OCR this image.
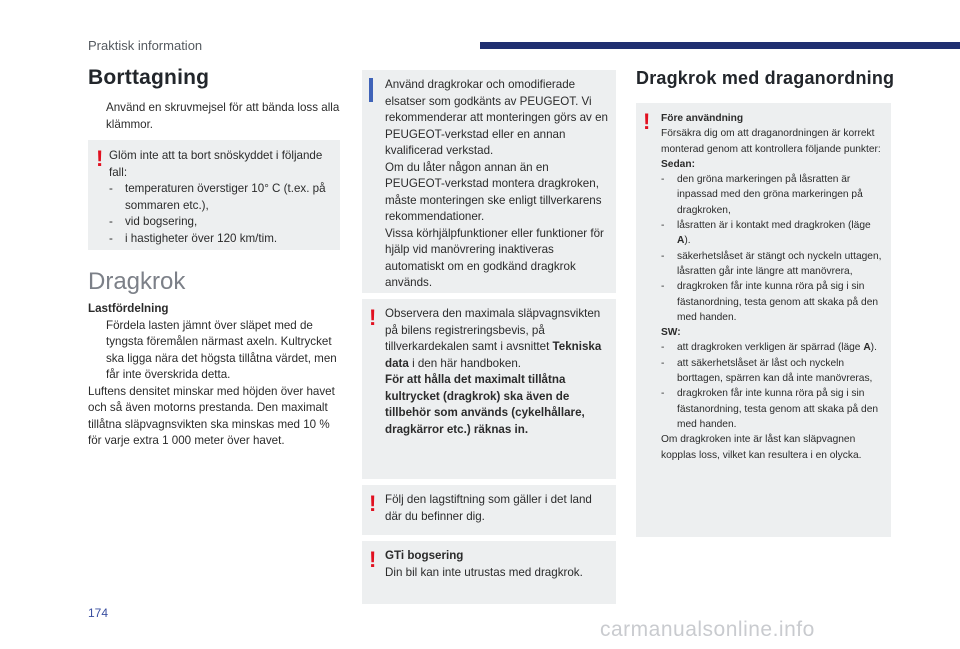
Praktisk information
Borttagning

Använd en skruvmejsel för att bända loss alla klämmor.

! Glöm inte att ta bort snöskyddet i följande fall:

-	temperaturen överstiger 10° C (t.ex. på sommaren etc.),

-	vid bogsering,

-	i hastigheter över 120 km/tim.

Dragkrok

Lastfördelning

Fördela lasten jämnt över släpet med de tyngsta föremålen närmast axeln. Kultrycket ska ligga nära det högsta tillåtna värdet, men får inte överskrida detta.

Luftens densitet minskar med höjden över havet och så även motorns prestanda. Den maximalt tillåtna släpvagnsvikten ska minskas med 10 % för varje extra 1 000 meter över havet.

Använd dragkrokar och omodifierade elsatser som godkänts av PEUGEOT. Vi rekommenderar att monteringen görs av en PEUGEOT-verkstad eller en annan kvalificerad verkstad.
Om du låter någon annan än en PEUGEOT-verkstad montera dragkroken, måste monteringen ske enligt tillverkarens rekommendationer.
Vissa körhjälpfunktioner eller funktioner för hjälp vid manövrering inaktiveras automatiskt om en godkänd dragkrok används.

! Observera den maximala släpvagnsvikten på bilens registreringsbevis, på tillverkardekalen samt i avsnittet Tekniska data i den här handboken.
För att hålla det maximalt tillåtna kultrycket (dragkrok) ska även de tillbehör som används (cykelhållare, dragkärror etc.) räknas in.

! Följ den lagstiftning som gäller i det land där du befinner dig.

! GTi bogsering

Din bil kan inte utrustas med dragkrok.

Dragkrok med draganordning
! Före användning

Försäkra dig om att draganordningen är korrekt monterad genom att kontrollera följande punkter:

Sedan:

-	den gröna markeringen på låsratten är inpassad med den gröna markeringen på dragkroken,

-	låsratten är i kontakt med dragkroken (läge A).

-	säkerhetslåset är stängt och nyckeln uttagen, låsratten går inte längre att manövrera,

-	dragkroken får inte kunna röra på sig i sin fästanordning, testa genom att skaka på den med handen.

SW:

-	att dragkroken verkligen är spärrad (läge A).

-	att säkerhetslåset är låst och nyckeln borttagen, spärren kan då inte manövreras,

-	dragkroken får inte kunna röra på sig i sin fästanordning, testa genom att skaka på den med handen.

Om dragkroken inte är låst kan släpvagnen kopplas loss, vilket kan resultera i en olycka.

174
carmanualsonline.info
